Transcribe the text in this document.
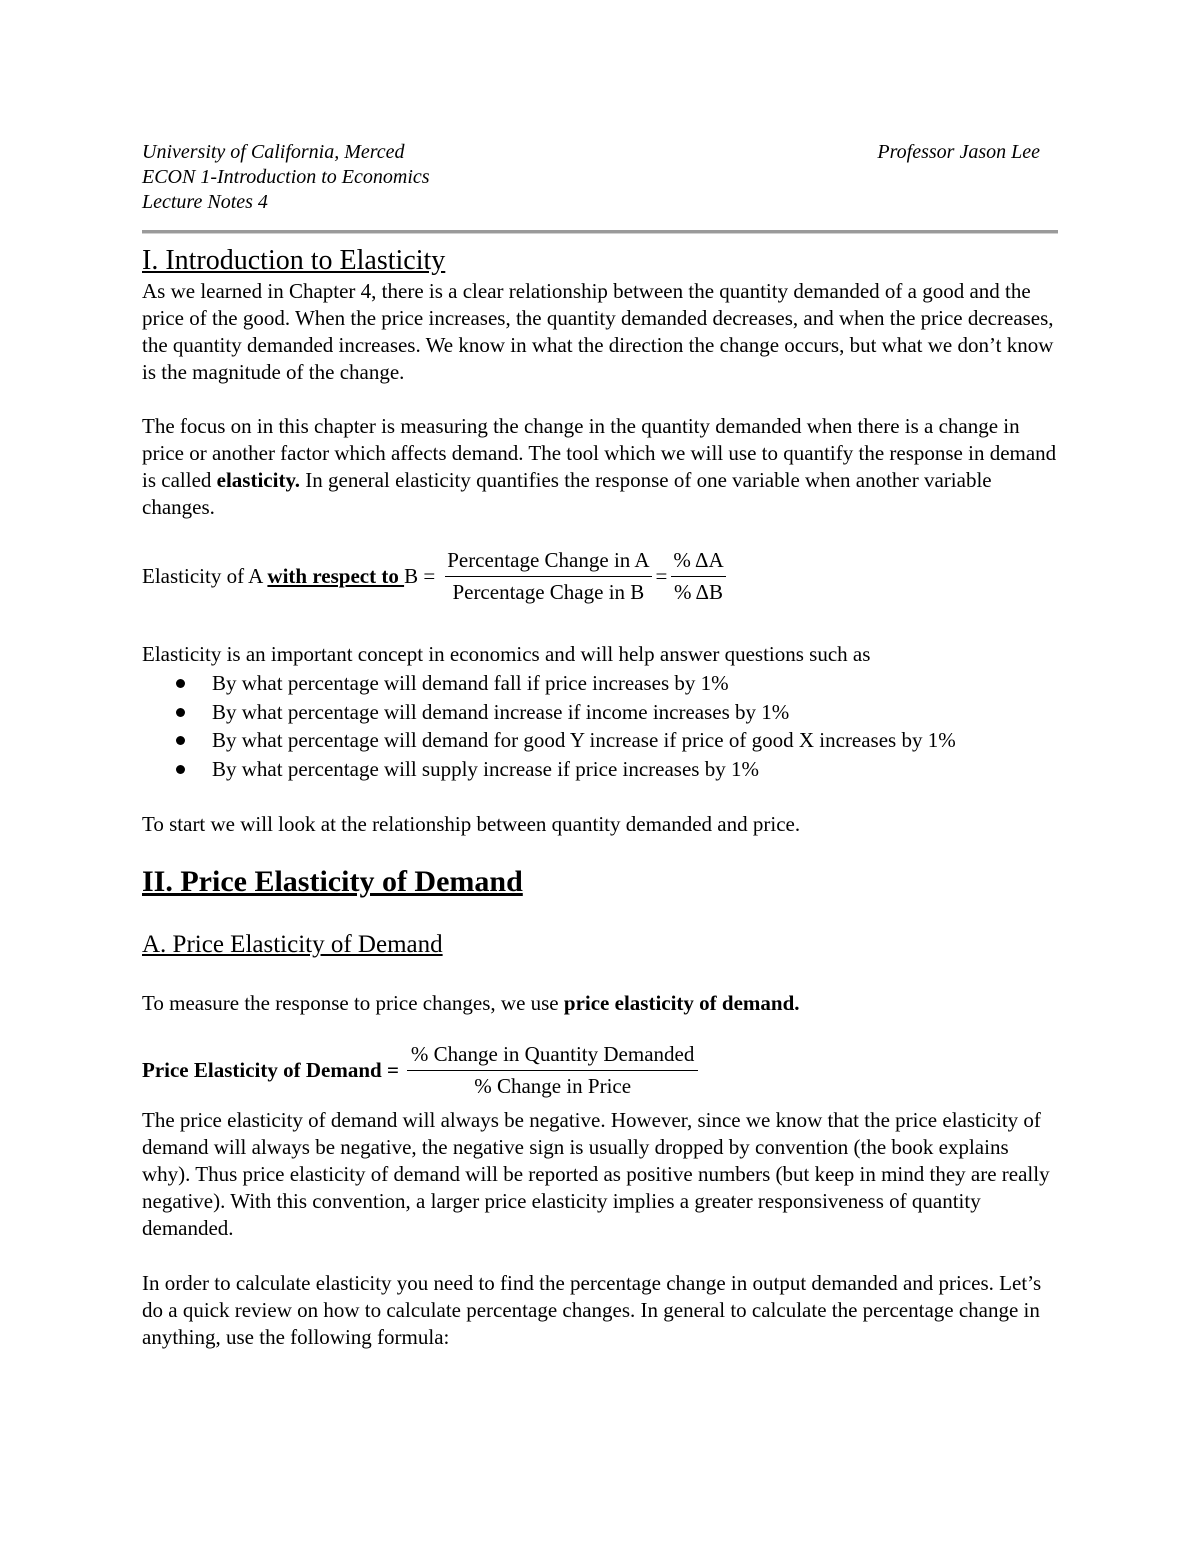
University of California, Merced	Professor Jason Lee
ECON 1-Introduction to Economics
Lecture Notes 4
I. Introduction to Elasticity
As we learned in Chapter 4, there is a clear relationship between the quantity demanded of a good and the price of the good. When the price increases, the quantity demanded decreases, and when the price decreases, the quantity demanded increases. We know in what the direction the change occurs, but what we don’t know is the magnitude of the change.
The focus on in this chapter is measuring the change in the quantity demanded when there is a change in price or another factor which affects demand. The tool which we will use to quantify the response in demand is called elasticity. In general elasticity quantifies the response of one variable when another variable changes.
Elasticity of A with respect to $B = \frac{\text{Percentage Change in A}}{\text{Percentage Chage in B}} = \frac{\% \Delta A}{\% \Delta B}$
Elasticity is an important concept in economics and will help answer questions such as
By what percentage will demand fall if price increases by 1%
By what percentage will demand increase if income increases by 1%
By what percentage will demand for good Y increase if price of good X increases by 1%
By what percentage will supply increase if price increases by 1%
To start we will look at the relationship between quantity demanded and price.
II. Price Elasticity of Demand
A. Price Elasticity of Demand
To measure the response to price changes, we use price elasticity of demand.
Price Elasticity of Demand = $\frac{\text{\% Change in Quantity Demanded}}{\text{\% Change in Price}}$
The price elasticity of demand will always be negative. However, since we know that the price elasticity of demand will always be negative, the negative sign is usually dropped by convention (the book explains why). Thus price elasticity of demand will be reported as positive numbers (but keep in mind they are really negative). With this convention, a larger price elasticity implies a greater responsiveness of quantity demanded.
In order to calculate elasticity you need to find the percentage change in output demanded and prices. Let’s do a quick review on how to calculate percentage changes. In general to calculate the percentage change in anything, use the following formula:
